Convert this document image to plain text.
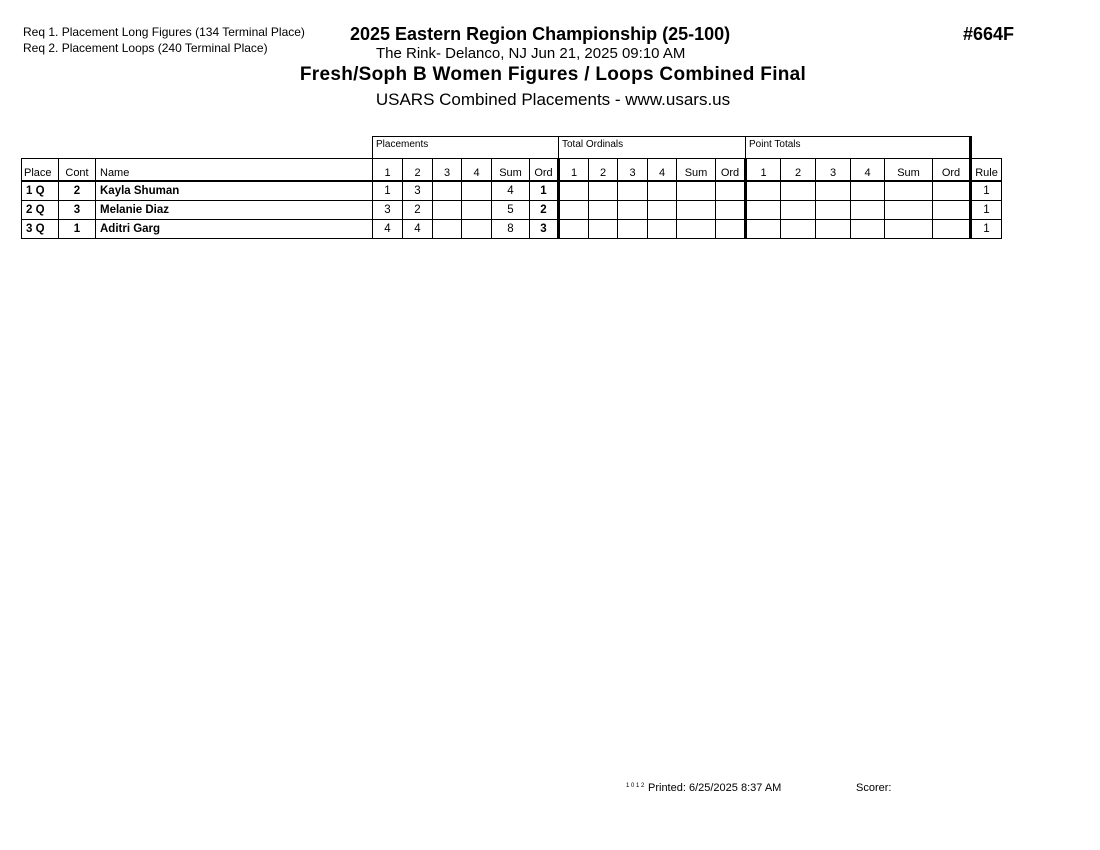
Req 1. Placement Long Figures (134 Terminal Place)
Req 2. Placement Loops (240 Terminal Place)
2025 Eastern Region Championship (25-100)
The Rink- Delanco, NJ Jun 21, 2025 09:10 AM
#664F
Fresh/Soph B Women Figures / Loops Combined Final
USARS Combined Placements - www.usars.us
			Placements						Total Ordinals						Point Totals						
Place	Cont	Name	1	2	3	4	Sum	Ord	1	2	3	4	Sum	Ord	1	2	3	4	Sum	Ord	Rule
1 Q	2	Kayla Shuman	1	3			4	1													1
2 Q	3	Melanie Diaz	3	2			5	2													1
3 Q	1	Aditri Garg	4	4			8	3													1
1 0 1 2 Printed: 6/25/2025 8:37 AM	Scorer:
